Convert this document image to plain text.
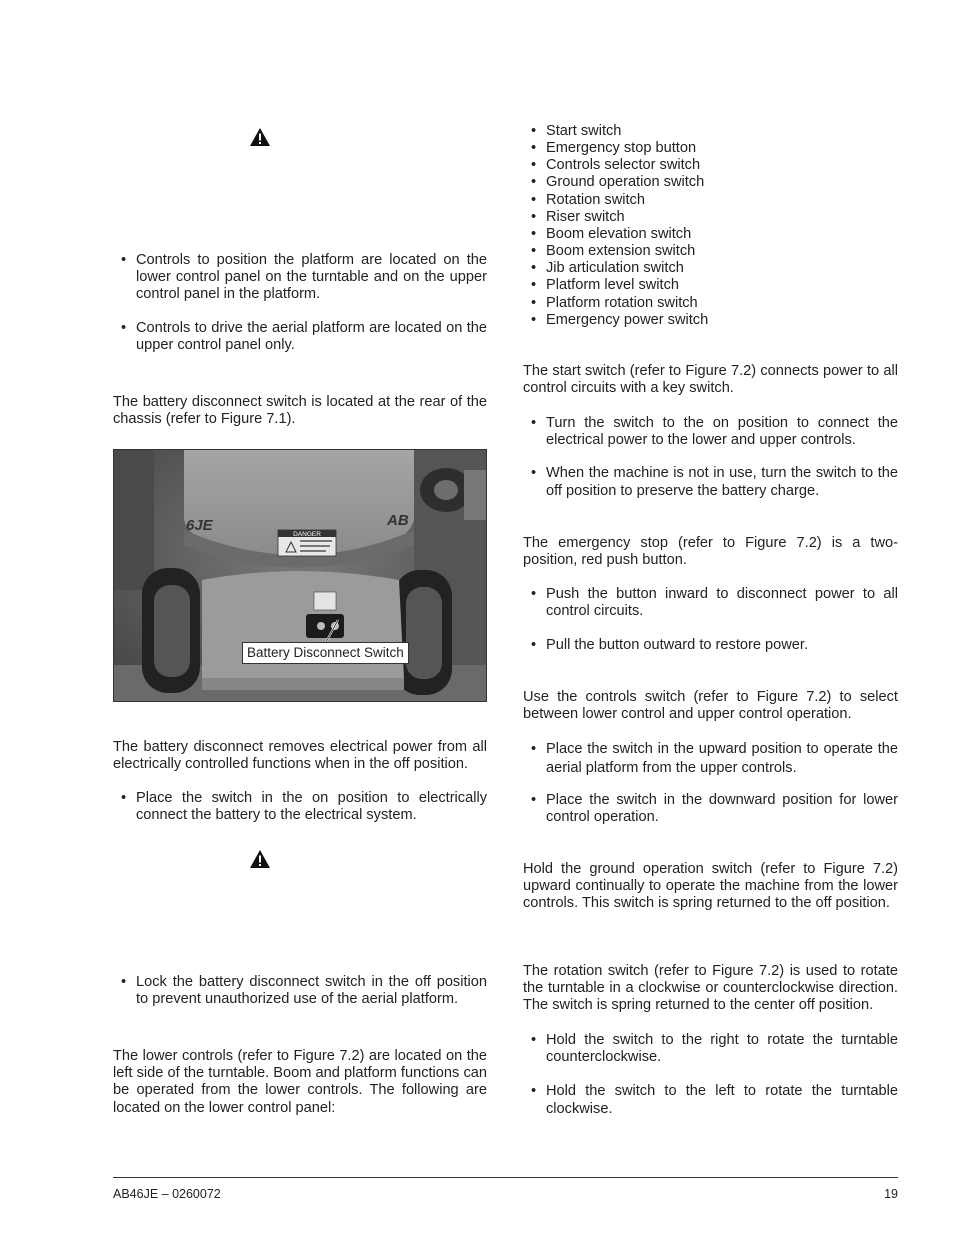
• Controls to position the platform are located on the lower control panel on the turntable and on the upper control panel in the platform.
• Controls to drive the aerial platform are located on the upper control panel only.

The battery disconnect switch is located at the rear of the chassis (refer to Figure 7.1).

DANGER
6JE	AB
Battery Disconnect Switch

The battery disconnect removes electrical power from all electrically controlled functions when in the off position.

• Place the switch in the on position to electrically connect the battery to the electrical system.
• Lock the battery disconnect switch in the off position to prevent unauthorized use of the aerial platform.

The lower controls (refer to Figure 7.2) are located on the left side of the turntable. Boom and platform functions can be operated from the lower controls. The following are located on the lower control panel:

• Start switch
• Emergency stop button
• Controls selector switch
• Ground operation switch
• Rotation switch
• Riser switch
• Boom elevation switch
• Boom extension switch
• Jib articulation switch
• Platform level switch
• Platform rotation switch
• Emergency power switch

The start switch (refer to Figure 7.2) connects power to all control circuits with a key switch.

• Turn the switch to the on position to connect the electrical power to the lower and upper controls.
• When the machine is not in use, turn the switch to the off position to preserve the battery charge.

The emergency stop (refer to Figure 7.2) is a two-position, red push button.

• Push the button inward to disconnect power to all control circuits.
• Pull the button outward to restore power.

Use the controls switch (refer to Figure 7.2) to select between lower control and upper control operation.

• Place the switch in the upward position to operate the aerial platform from the upper controls.
• Place the switch in the downward position for lower control operation.

Hold the ground operation switch (refer to Figure 7.2) upward continually to operate the machine from the lower controls. This switch is spring returned to the off position.

The rotation switch (refer to Figure 7.2) is used to rotate the turntable in a clockwise or counterclockwise direction. The switch is spring returned to the center off position.

• Hold the switch to the right to rotate the turntable counterclockwise.
• Hold the switch to the left to rotate the turntable clockwise.
AB46JE – 0260072	19
